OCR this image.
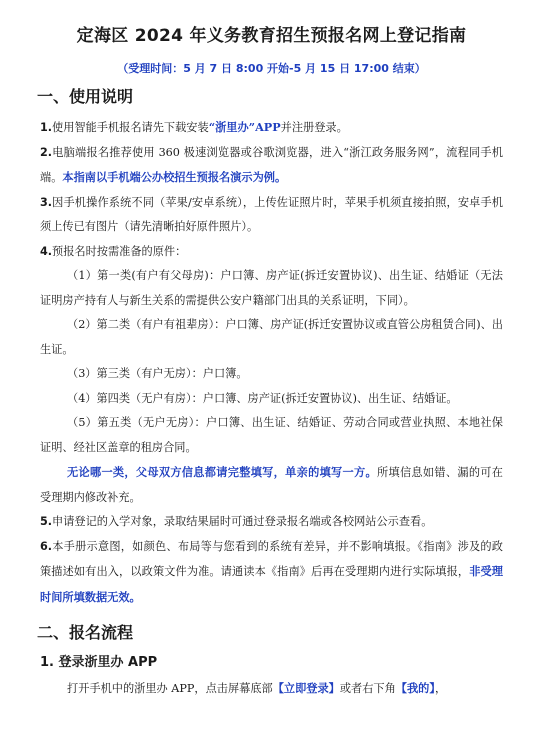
定海区 2024 年义务教育招生预报名网上登记指南
（受理时间：5 月 7 日 8:00 开始-5 月 15 日 17:00 结束）
一、使用说明

1.使用智能手机报名请先下载安装“浙里办”APP并注册登录。

2.电脑端报名推荐使用 360 极速浏览器或谷歌浏览器，进入“浙江政务服务网”，流程同手机端。本指南以手机端公办校招生预报名演示为例。

3.因手机操作系统不同（苹果/安卓系统），上传佐证照片时，苹果手机须直接拍照，安卓手机须上传已有图片（请先清晰拍好原件照片）。

4.预报名时按需准备的原件：

（1）第一类(有户有父母房)：户口簿、房产证(拆迁安置协议)、出生证、结婚证（无法证明房产持有人与新生关系的需提供公安户籍部门出具的关系证明，下同）。

（2）第二类（有户有祖辈房）：户口簿、房产证(拆迁安置协议或直管公房租赁合同)、出生证。

（3）第三类（有户无房）：户口簿。

（4）第四类（无户有房）：户口簿、房产证(拆迁安置协议)、出生证、结婚证。

（5）第五类（无户无房）：户口簿、出生证、结婚证、劳动合同或营业执照、本地社保证明、经社区盖章的租房合同。

无论哪一类，父母双方信息都请完整填写，单亲的填写一方。所填信息如错、漏的可在受理期内修改补充。

5.申请登记的入学对象，录取结果届时可通过登录报名端或各校网站公示查看。

6.本手册示意图，如颜色、布局等与您看到的系统有差异，并不影响填报。《指南》涉及的政策描述如有出入，以政策文件为准。请通读本《指南》后再在受理期内进行实际填报，非受理时间所填数据无效。

二、报名流程
1. 登录浙里办 APP

打开手机中的浙里办 APP，点击屏幕底部【立即登录】或者右下角【我的】，
